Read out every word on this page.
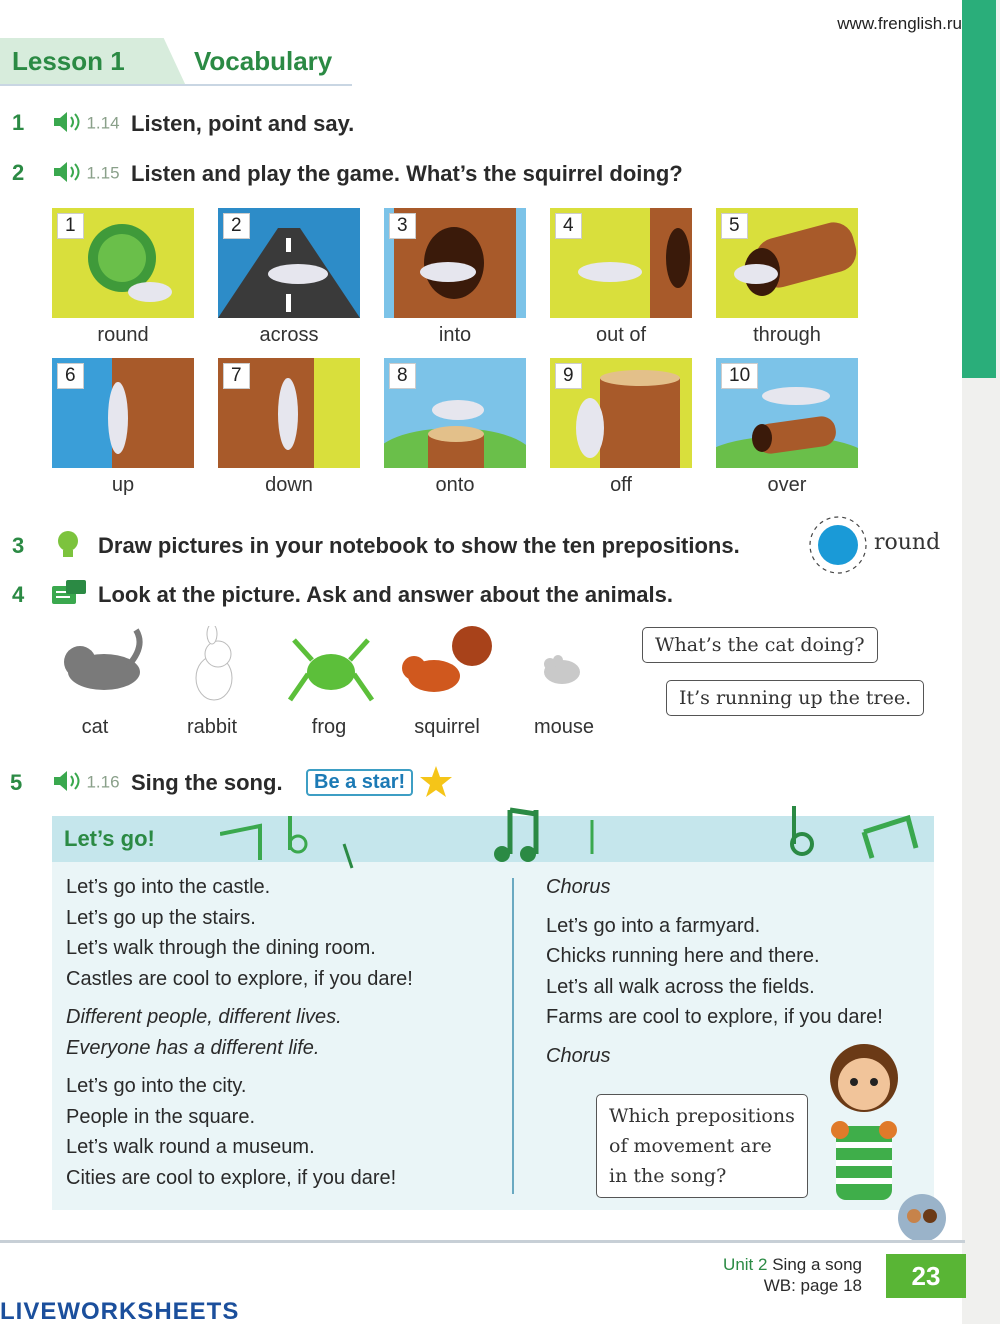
www.frenglish.ru
Lesson 1	Vocabulary
1	1.14 Listen, point and say.
2	1.15 Listen and play the game. What’s the squirrel doing?
1
round
2
across
3
into
4
out of
5
through
6
up
7
down
8
onto
9
off
10
over
3	Draw pictures in your notebook to show the ten prepositions.	round
4	Look at the picture. Ask and answer about the animals.
cat	rabbit	frog	squirrel	mouse
What’s the cat doing?
It’s running up the tree.
5	1.16 Sing the song.	Be a star!
Let’s go!
Let’s go into the castle.
Let’s go up the stairs.
Let’s walk through the dining room.
Castles are cool to explore, if you dare!
Different people, different lives.
Everyone has a different life.
Let’s go into the city.
People in the square.
Let’s walk round a museum.
Cities are cool to explore, if you dare!
Chorus
Let’s go into a farmyard.
Chicks running here and there.
Let’s all walk across the fields.
Farms are cool to explore, if you dare!
Chorus
Which prepositions
of movement are
in the song?
Unit 2 Sing a song
WB: page 18	23
LIVEWORKSHEETS
